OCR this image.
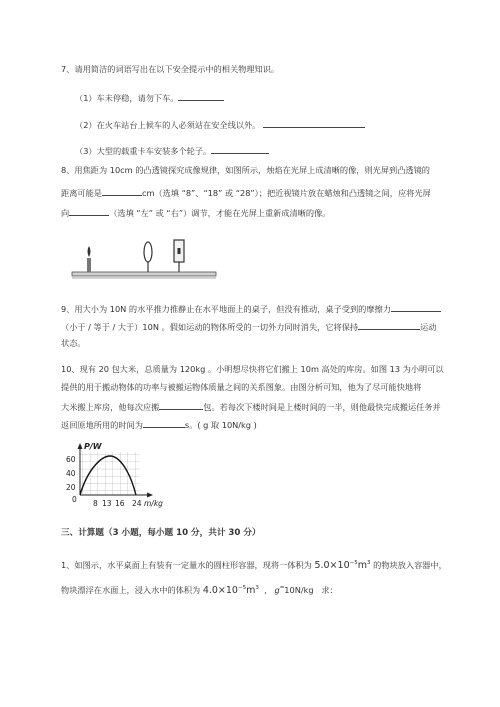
7、请用简洁的词语写出在以下安全提示中的相关物理知识。
（1）车未停稳，请勿下车。
（2）在火车站台上候车的人必须站在安全线以外。
（3）大型的载重卡车安装多个轮子。
8、用焦距为 10cm 的凸透镜探究成像规律，如图所示，烛焰在光屏上成清晰的像，则光屏到凸透镜的
距离可能是	cm（选填 “8”、“18” 或 “28”）；把近视镜片放在蜡烛和凸透镜之间，应将光屏
向	（选填 “左” 或 “右”）调节，才能在光屏上重新成清晰的像。
9、用大小为 10N 的水平推力推静止在水平地面上的桌子，但没有推动，桌子受到的摩擦力
（小于 / 等于 / 大于）10N 。假如运动的物体所受的一切外力同时消失，它将保持	运动
状态。
10、现有 20 包大米，总质量为 120kg 。小明想尽快将它们搬上 10m 高处的库房。如图 13 为小明可以
提供的用于搬动物体的功率与被搬运物体质量之间的关系图象。由图分析可知，他为了尽可能快地将
大米搬上库房，他每次应搬	包。若每次下楼时间是上楼时间的一半，则他最快完成搬运任务并
返回原地所用的时间为	s。( g 取 10N/kg )
P/W
60
40
20
0 8 16 24 m/kg
13
三、计算题（3 小题，每小题 10 分，共计 30 分）
1、如图示，水平桌面上有装有一定量水的圆柱形容器，现将一体积为 $5.0\times 10^{-5}m^3$ 的物块放入容器中，
物块漂浮在水面上，浸入水中的体积为 $4.0\times 10^{-5}m^3$  ,   g=10N/kg 求：
